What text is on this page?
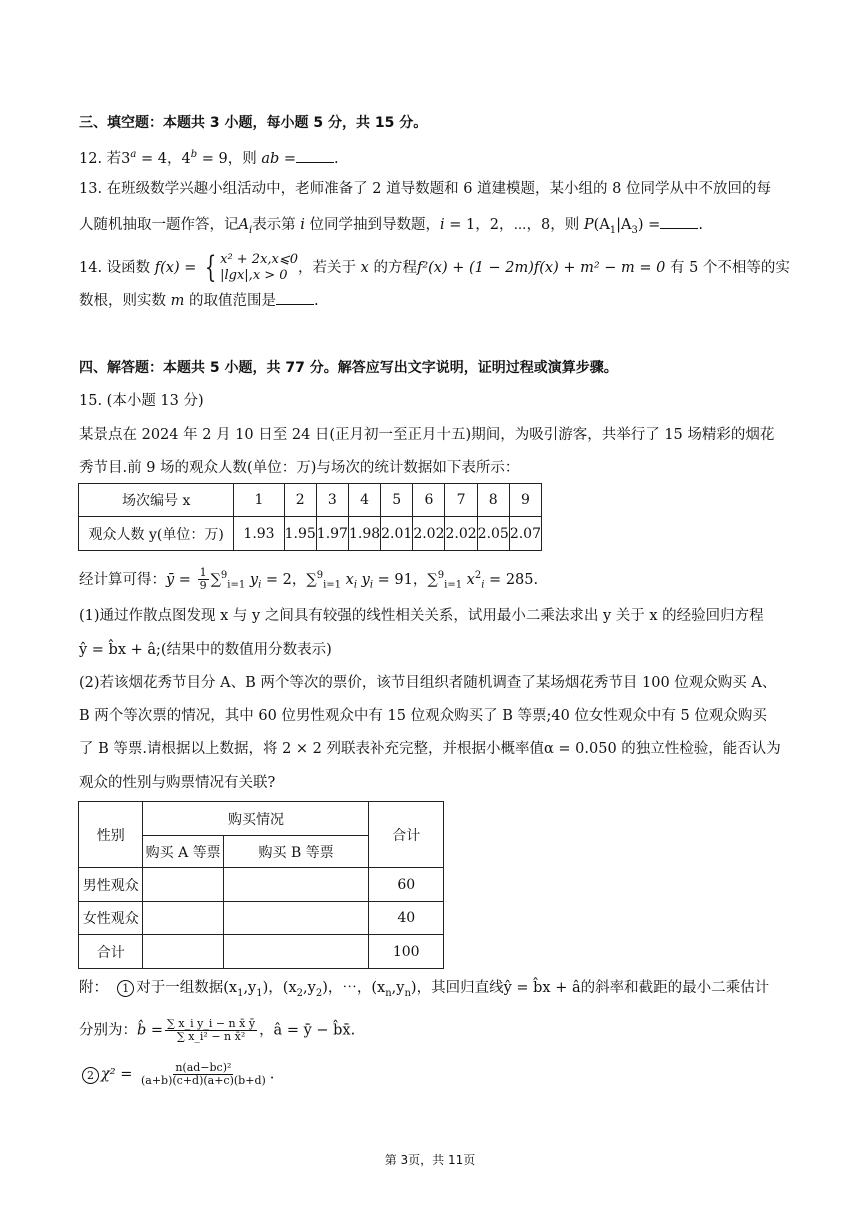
三、填空题：本题共 3 小题，每小题 5 分，共 15 分。
12. 若$3^a = 4$，$4^b = 9$，则 ab =	.
13. 在班级数学兴趣小组活动中，老师准备了 2 道导数题和 6 道建模题，某小组的 8 位同学从中不放回的每
人随机抽取一题作答，记$A_i$表示第 i 位同学抽到导数题，i = 1，2，⋯，8，则 $P(A_1|A_3)$ =	.
14. 设函数 f(x) = { x² + 2x,x⩽0
|lgx|,x > 0 ，若关于 x 的方程f²(x) + (1 − 2m)f(x) + m² − m = 0 有 5 个不相等的实
数根，则实数 m 的取值范围是	.
四、解答题：本题共 5 小题，共 77 分。解答应写出文字说明，证明过程或演算步骤。
15. (本小题 13 分)
某景点在 2024 年 2 月 10 日至 24 日(正月初一至正月十五)期间，为吸引游客，共举行了 15 场精彩的烟花
秀节目.前 9 场的观众人数(单位：万)与场次的统计数据如下表所示：
场次编号 x	1	2	3	4	5	6	7	8	9
观众人数 y(单位：万)	1.93	1.95	1.97	1.98	2.01	2.02	2.02	2.05	2.07
经计算可得：ȳ = $\frac{1}{9} \sum^9_{i=1}$ $y_i = 2$，∑$^9_{i=1}$ $x_i$ $y_i = 91$，∑$^9_{i=1}$ $x^2_i = 285$.
(1)通过作散点图发现 x 与 y 之间具有较强的线性相关关系，试用最小二乘法求出 y 关于 x 的经验回归方程
ŷ = b̂x + â;(结果中的数值用分数表示)
(2)若该烟花秀节目分 A、B 两个等次的票价，该节目组织者随机调查了某场烟花秀节目 100 位观众购买 A、
B 两个等次票的情况，其中 60 位男性观众中有 15 位观众购买了 B 等票;40 位女性观众中有 5 位观众购买
了 B 等票.请根据以上数据，将 2 × 2 列联表补充完整，并根据小概率值α = 0.050 的独立性检验，能否认为
观众的性别与购票情况有关联?
性别	购买情况		合计
	购买 A 等票	购买 B 等票	
男性观众			60
女性观众			40
合计			100
附： 1 对于一组数据$(x_1,y_1)$，$(x_2,y_2)$，⋯，$(x_n,y_n)$，其回归直线ŷ = b̂x + â的斜率和截距的最小二乘估计
分别为：b̂ = $\frac{\text{∑ x\_i y\_i − n x̄ ȳ}}{\text{∑ x\_i² − n x̄²}}$ ，â = ȳ − b̂x̄.
2 $\chi^2 = \frac{\text{n(ad−bc)²}}{(a+b)(c+d)(a+c)(b+d)}$ .
第 3页，共 11页
